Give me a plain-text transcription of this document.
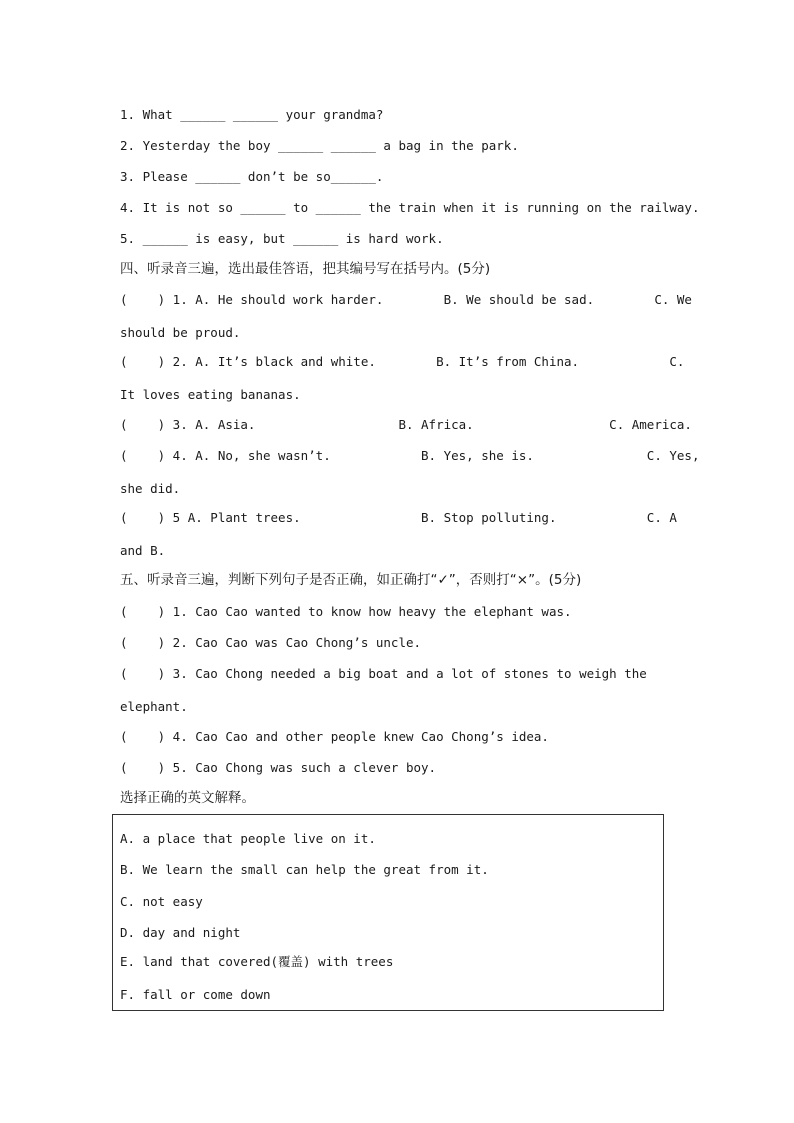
1. What ______ ______ your grandma?
2. Yesterday the boy ______ ______ a bag in the park.
3. Please ______ don’t be so______.
4. It is not so ______ to ______ the train when it is running on the railway.
5. ______ is easy, but ______ is hard work.
四、听录音三遍，选出最佳答语，把其编号写在括号内。(5分)
(    ) 1. A. He should work harder.        B. We should be sad.        C. We
should be proud.
(    ) 2. A. It’s black and white.        B. It’s from China.            C.
It loves eating bananas.
(    ) 3. A. Asia.                   B. Africa.                  C. America.
(    ) 4. A. No, she wasn’t.            B. Yes, she is.               C. Yes,
she did.
(    ) 5 A. Plant trees.                B. Stop polluting.            C. A
and B.
五、听录音三遍，判断下列句子是否正确，如正确打“✓”，否则打“×”。(5分)
(    ) 1. Cao Cao wanted to know how heavy the elephant was.
(    ) 2. Cao Cao was Cao Chong’s uncle.
(    ) 3. Cao Chong needed a big boat and a lot of stones to weigh the
elephant.
(    ) 4. Cao Cao and other people knew Cao Chong’s idea.
(    ) 5. Cao Chong was such a clever boy.
选择正确的英文解释。
A. a place that people live on it.
B. We learn the small can help the great from it.
C. not easy
D. day and night
E. land that covered(覆盖) with trees
F. fall or come down
